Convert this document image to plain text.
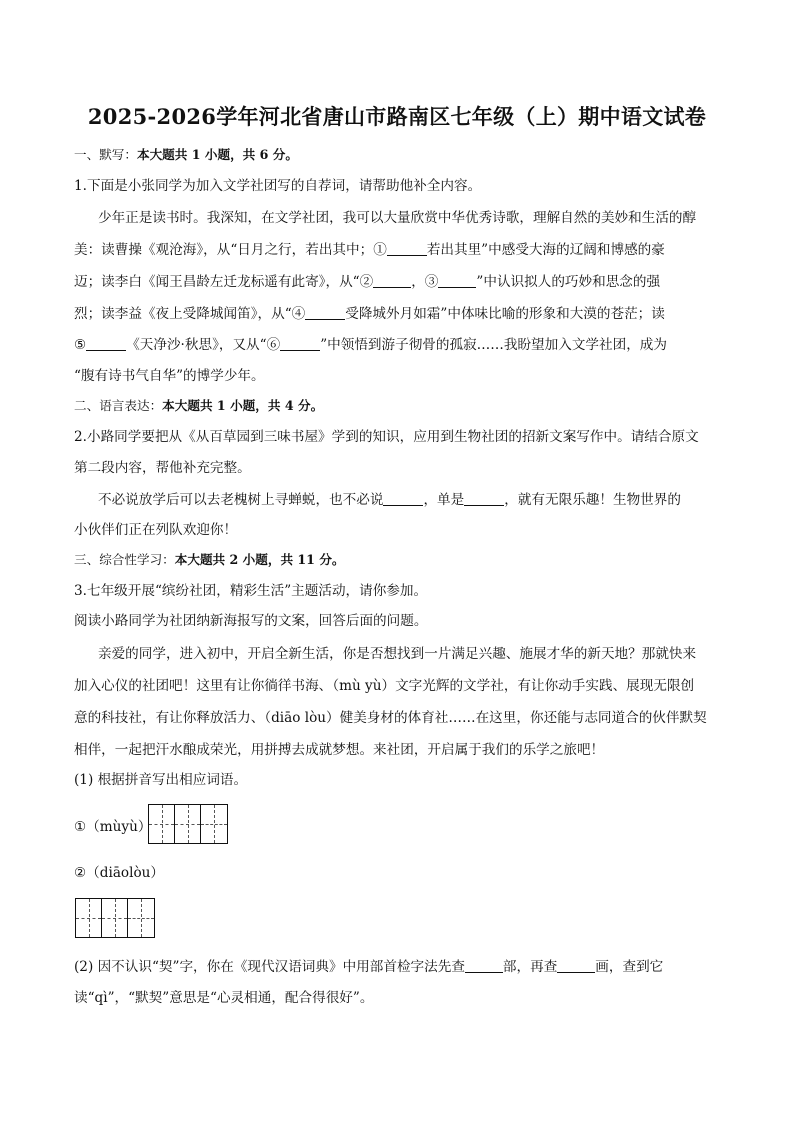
2025-2026学年河北省唐山市路南区七年级（上）期中语文试卷
一、默写：本大题共 1 小题，共 6 分。
1.下面是小张同学为加入文学社团写的自荐词，请帮助他补全内容。
少年正是读书时。我深知，在文学社团，我可以大量欣赏中华优秀诗歌，理解自然的美妙和生活的醇
美：读曹操《观沧海》，从“日月之行，若出其中；①	若出其里”中感受大海的辽阔和博感的豪
迈；读李白《闻王昌龄左迁龙标遥有此寄》，从“②	，③	”中认识拟人的巧妙和思念的强
烈；读李益《夜上受降城闻笛》，从“④	受降城外月如霜”中体味比喻的形象和大漠的苍茫；读
⑤	《天净沙·秋思》，又从“⑥	”中领悟到游子彻骨的孤寂……我盼望加入文学社团，成为
“腹有诗书气自华”的博学少年。
二、语言表达：本大题共 1 小题，共 4 分。
2.小路同学要把从《从百草园到三味书屋》学到的知识，应用到生物社团的招新文案写作中。请结合原文
第二段内容，帮他补充完整。
不必说放学后可以去老槐树上寻蝉蜕，也不必说	，单是	，就有无限乐趣！生物世界的
小伙伴们正在列队欢迎你！
三、综合性学习：本大题共 2 小题，共 11 分。
3.七年级开展“缤纷社团，精彩生活”主题活动，请你参加。
阅读小路同学为社团纳新海报写的文案，回答后面的问题。
亲爱的同学，进入初中，开启全新生活，你是否想找到一片满足兴趣、施展才华的新天地？那就快来
加入心仪的社团吧！这里有让你徜徉书海、（mù yù）文字光辉的文学社，有让你动手实践、展现无限创
意的科技社，有让你释放活力、（diāo lòu）健美身材的体育社……在这里，你还能与志同道合的伙伴默契
相伴，一起把汗水酿成荣光，用拼搏去成就梦想。来社团，开启属于我们的乐学之旅吧！
(1) 根据拼音写出相应词语。
①（mùyù）
②（diāolòu）
(2) 因不认识“契”字，你在《现代汉语词典》中用部首检字法先查	部，再查	画，查到它
读“qì”，“默契”意思是“心灵相通，配合得很好”。
